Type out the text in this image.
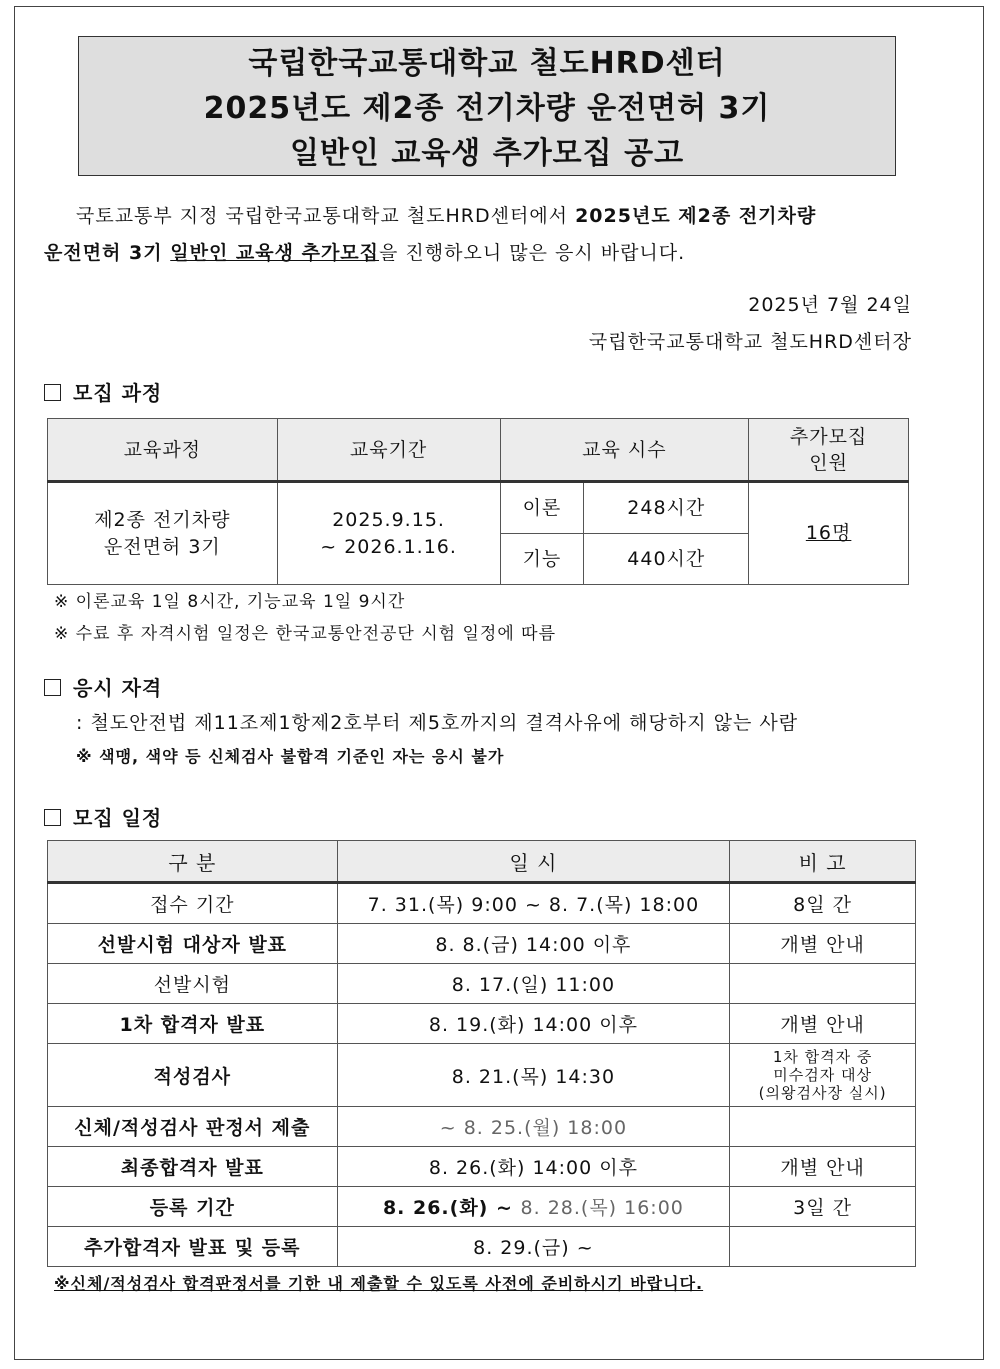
국립한국교통대학교 철도HRD센터
2025년도 제2종 전기차량 운전면허 3기
일반인 교육생 추가모집 공고
국토교통부 지정 국립한국교통대학교 철도HRD센터에서 2025년도 제2종 전기차량
운전면허 3기 일반인 교육생 추가모집을 진행하오니 많은 응시 바랍니다.
2025년 7월 24일
국립한국교통대학교 철도HRD센터장
모집 과정
교육과정	교육기간	교육 시수		추가모집
인원
제2종 전기차량
운전면허 3기	2025.9.15.
~ 2026.1.16.	이론	248시간	16명
		기능	440시간	
※ 이론교육 1일 8시간, 기능교육 1일 9시간
※ 수료 후 자격시험 일정은 한국교통안전공단 시험 일정에 따름
응시 자격
: 철도안전법 제11조제1항제2호부터 제5호까지의 결격사유에 해당하지 않는 사람
※ 색맹, 색약 등 신체검사 불합격 기준인 자는 응시 불가
모집 일정
구 분	일 시	비 고
접수 기간	7. 31.(목) 9:00 ~ 8. 7.(목) 18:00	8일 간
선발시험 대상자 발표	8. 8.(금) 14:00 이후	개별 안내
선발시험	8. 17.(일) 11:00	
1차 합격자 발표	8. 19.(화) 14:00 이후	개별 안내
적성검사	8. 21.(목) 14:30	1차 합격자 중
미수검자 대상
(의왕검사장 실시)
신체/적성검사 판정서 제출	~ 8. 25.(월) 18:00	
최종합격자 발표	8. 26.(화) 14:00 이후	개별 안내
등록 기간	8. 26.(화) ~ 8. 28.(목) 16:00	3일 간
추가합격자 발표 및 등록	8. 29.(금) ~	
※신체/적성검사 합격판정서를 기한 내 제출할 수 있도록 사전에 준비하시기 바랍니다.
